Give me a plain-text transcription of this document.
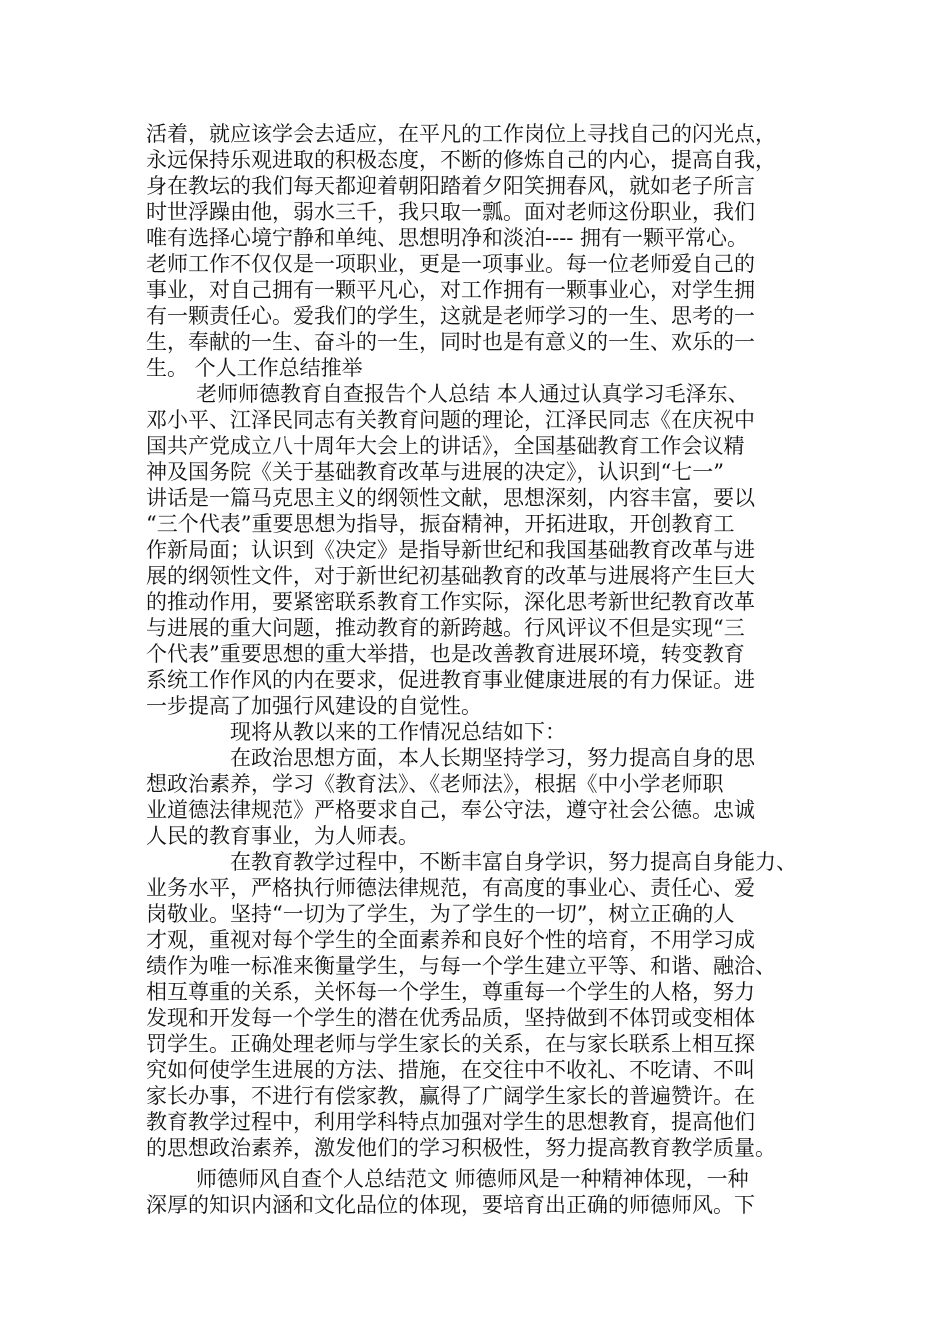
活着，就应该学会去适应，在平凡的工作岗位上寻找自己的闪光点，
永远保持乐观进取的积极态度，不断的修炼自己的内心，提高自我，
身在教坛的我们每天都迎着朝阳踏着夕阳笑拥春风，就如老子所言
时世浮躁由他，弱水三千，我只取一瓢。面对老师这份职业，我们
唯有选择心境宁静和单纯、思想明净和淡泊---- 拥有一颗平常心。
老师工作不仅仅是一项职业，更是一项事业。每一位老师爱自己的
事业，对自己拥有一颗平凡心，对工作拥有一颗事业心，对学生拥
有一颗责任心。爱我们的学生，这就是老师学习的一生、思考的一
生，奉献的一生、奋斗的一生，同时也是有意义的一生、欢乐的一
生。 个人工作总结推举
老师师德教育自查报告个人总结 本人通过认真学习毛泽东、
邓小平、江泽民同志有关教育问题的理论，江泽民同志《在庆祝中
国共产党成立八十周年大会上的讲话》，全国基础教育工作会议精
神及国务院《关于基础教育改革与进展的决定》，认识到“七一”
讲话是一篇马克思主义的纲领性文献，思想深刻，内容丰富，要以
“三个代表”重要思想为指导，振奋精神，开拓进取，开创教育工
作新局面；认识到《决定》是指导新世纪和我国基础教育改革与进
展的纲领性文件，对于新世纪初基础教育的改革与进展将产生巨大
的推动作用，要紧密联系教育工作实际，深化思考新世纪教育改革
与进展的重大问题，推动教育的新跨越。行风评议不但是实现“三
个代表”重要思想的重大举措，也是改善教育进展环境，转变教育
系统工作作风的内在要求，促进教育事业健康进展的有力保证。进
一步提高了加强行风建设的自觉性。
现将从教以来的工作情况总结如下：
在政治思想方面，本人长期坚持学习，努力提高自身的思
想政治素养，学习《教育法》、《老师法》，根据《中小学老师职
业道德法律规范》严格要求自己，奉公守法，遵守社会公德。忠诚
人民的教育事业，为人师表。
在教育教学过程中，不断丰富自身学识，努力提高自身能力、
业务水平，严格执行师德法律规范，有高度的事业心、责任心、爱
岗敬业。坚持“一切为了学生，为了学生的一切”，树立正确的人
才观，重视对每个学生的全面素养和良好个性的培育，不用学习成
绩作为唯一标准来衡量学生，与每一个学生建立平等、和谐、融洽、
相互尊重的关系，关怀每一个学生，尊重每一个学生的人格，努力
发现和开发每一个学生的潜在优秀品质，坚持做到不体罚或变相体
罚学生。正确处理老师与学生家长的关系，在与家长联系上相互探
究如何使学生进展的方法、措施，在交往中不收礼、不吃请、不叫
家长办事，不进行有偿家教，赢得了广阔学生家长的普遍赞许。在
教育教学过程中，利用学科特点加强对学生的思想教育，提高他们
的思想政治素养，激发他们的学习积极性，努力提高教育教学质量。
师德师风自查个人总结范文 师德师风是一种精神体现，一种
深厚的知识内涵和文化品位的体现，要培育出正确的师德师风。下
